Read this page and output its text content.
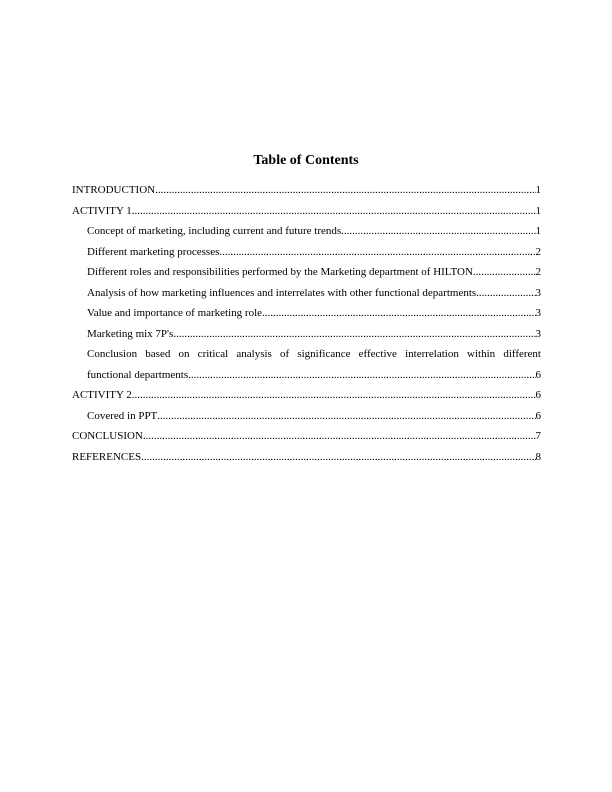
Table of Contents
INTRODUCTION .....	1
ACTIVITY 1 .....	1
Concept of marketing, including current and future trends .....	1
Different marketing processes .....	2
Different roles and responsibilities performed by the Marketing department of HILTON .....	2
Analysis of how marketing influences and interrelates with other functional departments .....	3
Value and importance of marketing role .....	3
Marketing mix 7P's .....	3
Conclusion based on critical analysis of significance effective interrelation within different
functional departments .....	6
ACTIVITY 2 .....	6
Covered in PPT .....	6
CONCLUSION .....	7
REFERENCES .....	8
